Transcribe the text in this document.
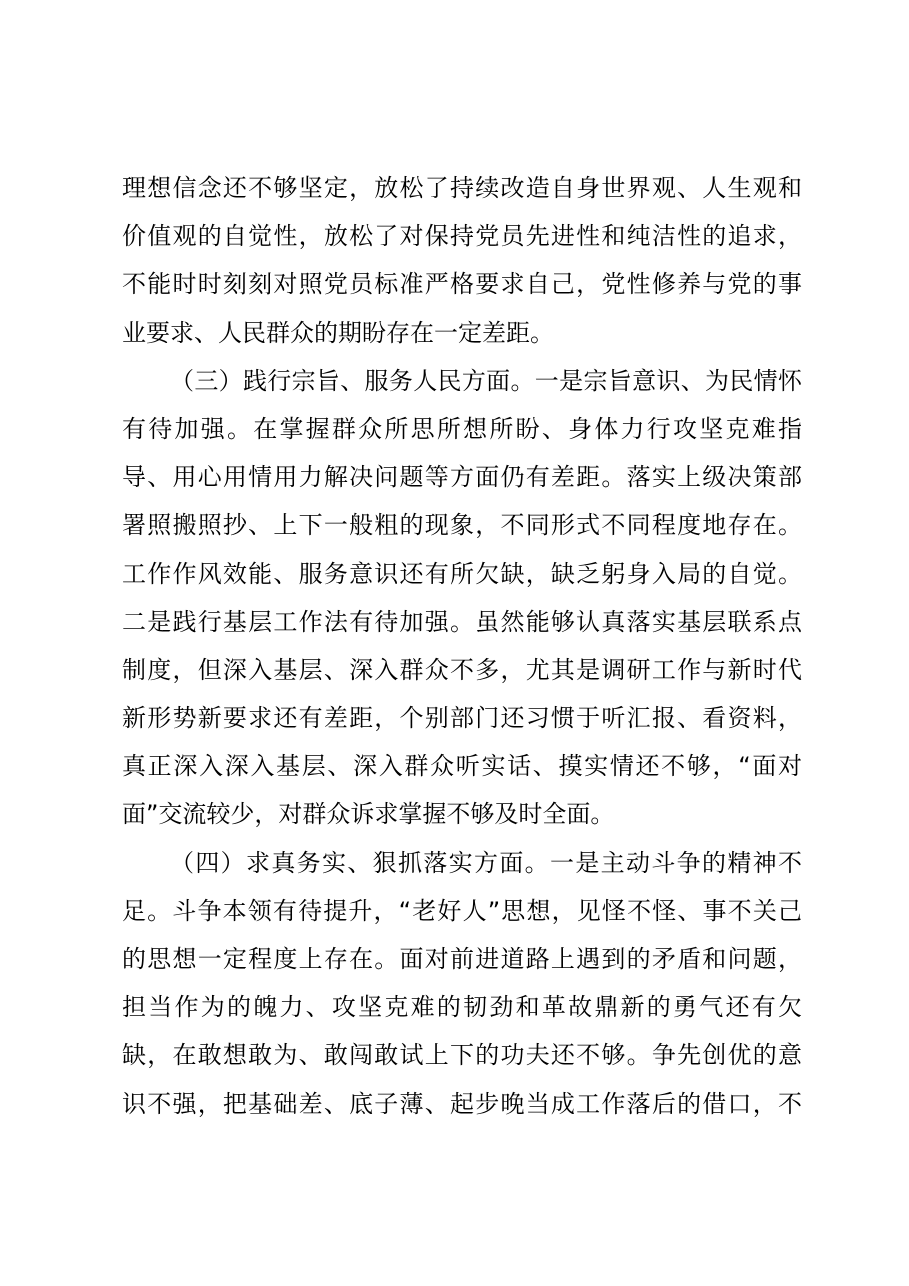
理想信念还不够坚定，放松了持续改造自身世界观、人生观和
价值观的自觉性，放松了对保持党员先进性和纯洁性的追求，
不能时时刻刻对照党员标准严格要求自己，党性修养与党的事
业要求、人民群众的期盼存在一定差距。
（三）践行宗旨、服务人民方面。一是宗旨意识、为民情怀
有待加强。在掌握群众所思所想所盼、身体力行攻坚克难指
导、用心用情用力解决问题等方面仍有差距。落实上级决策部
署照搬照抄、上下一般粗的现象，不同形式不同程度地存在。
工作作风效能、服务意识还有所欠缺，缺乏躬身入局的自觉。
二是践行基层工作法有待加强。虽然能够认真落实基层联系点
制度，但深入基层、深入群众不多，尤其是调研工作与新时代
新形势新要求还有差距，个别部门还习惯于听汇报、看资料，
真正深入深入基层、深入群众听实话、摸实情还不够，“面对
面”交流较少，对群众诉求掌握不够及时全面。
（四）求真务实、狠抓落实方面。一是主动斗争的精神不
足。斗争本领有待提升，“老好人”思想，见怪不怪、事不关己
的思想一定程度上存在。面对前进道路上遇到的矛盾和问题，
担当作为的魄力、攻坚克难的韧劲和革故鼎新的勇气还有欠
缺，在敢想敢为、敢闯敢试上下的功夫还不够。争先创优的意
识不强，把基础差、底子薄、起步晚当成工作落后的借口，不
